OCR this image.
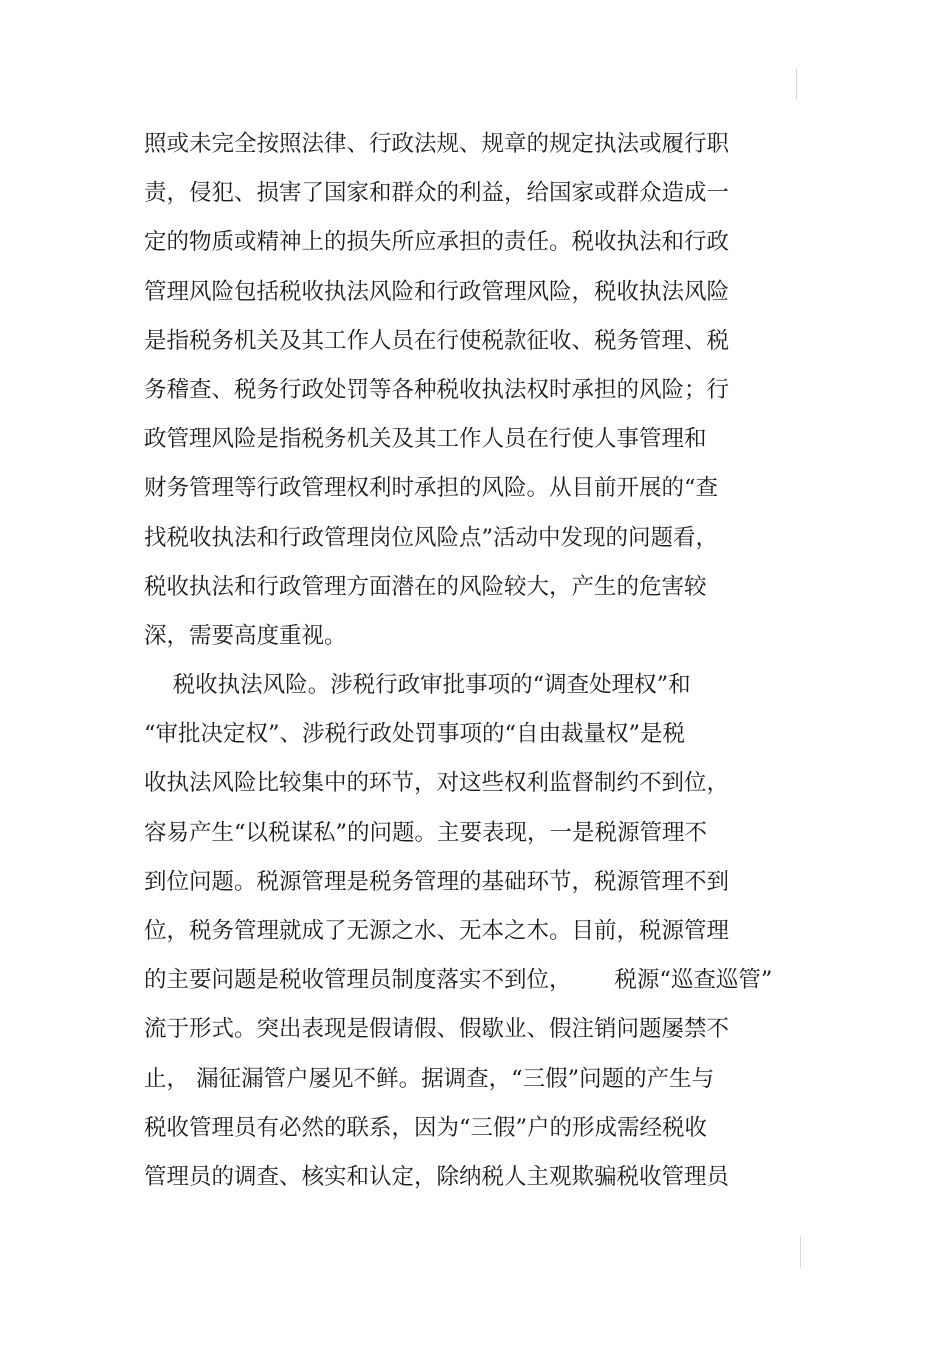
照或未完全按照法律、行政法规、规章的规定执法或履行职
责，侵犯、损害了国家和群众的利益，给国家或群众造成一
定的物质或精神上的损失所应承担的责任。税收执法和行政
管理风险包括税收执法风险和行政管理风险，税收执法风险
是指税务机关及其工作人员在行使税款征收、税务管理、税
务稽查、税务行政处罚等各种税收执法权时承担的风险；行
政管理风险是指税务机关及其工作人员在行使人事管理和
财务管理等行政管理权利时承担的风险。从目前开展的“查
找税收执法和行政管理岗位风险点”活动中发现的问题看，
税收执法和行政管理方面潜在的风险较大，产生的危害较
深，需要高度重视。
税收执法风险。涉税行政审批事项的“调查处理权”和
“审批决定权”、涉税行政处罚事项的“自由裁量权”是税
收执法风险比较集中的环节，对这些权利监督制约不到位，
容易产生“以税谋私”的问题。主要表现，一是税源管理不
到位问题。税源管理是税务管理的基础环节，税源管理不到
位，税务管理就成了无源之水、无本之木。目前，税源管理
的主要问题是税收管理员制度落实不到位，      税源“巡查巡管”
流于形式。突出表现是假请假、假歇业、假注销问题屡禁不
止， 漏征漏管户屡见不鲜。据调查，“三假”问题的产生与
税收管理员有必然的联系，因为“三假”户的形成需经税收
管理员的调查、核实和认定，除纳税人主观欺骗税收管理员
